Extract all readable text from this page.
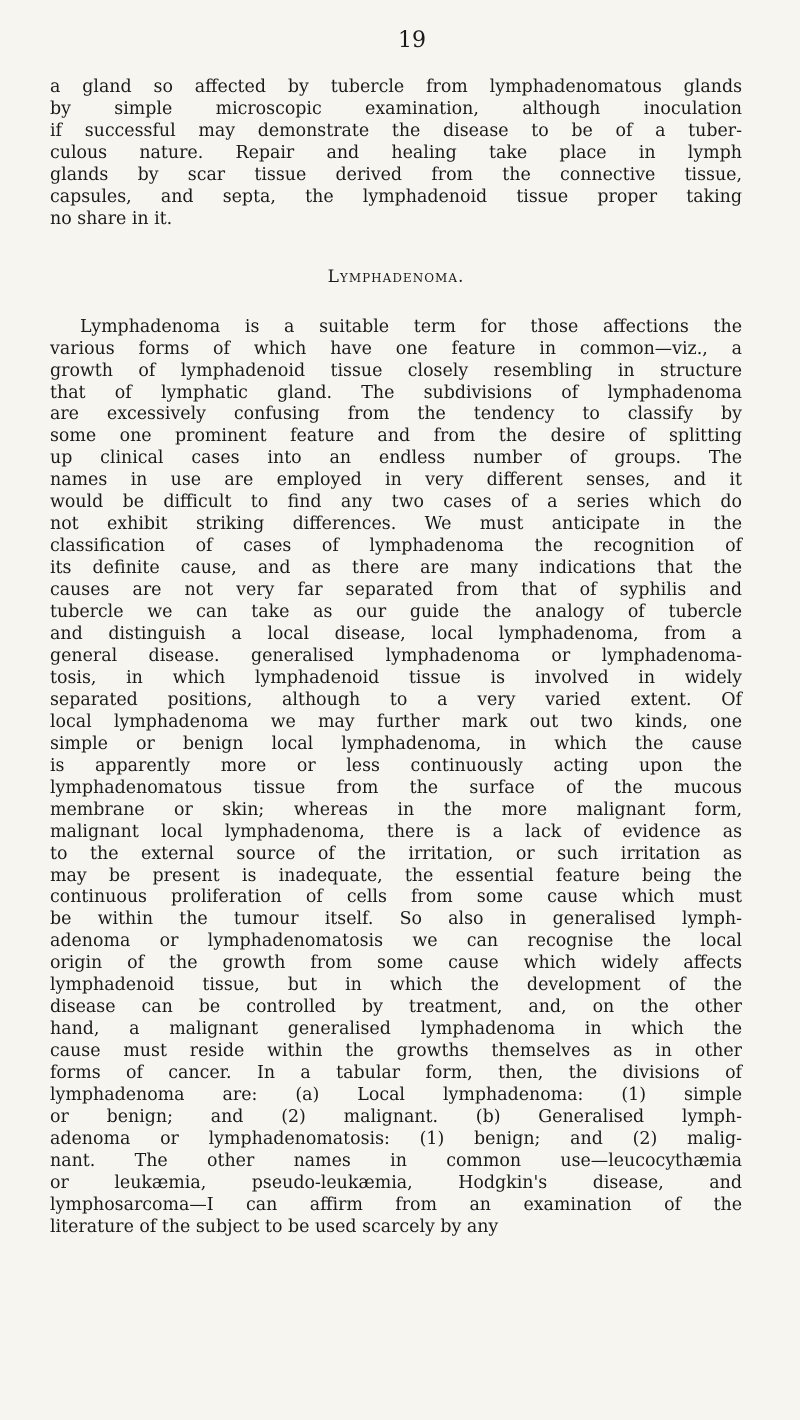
19
a gland so affected by tubercle from lymphadenomatous glands
by simple microscopic examination, although inoculation
if successful may demonstrate the disease to be of a tuber-
culous nature. Repair and healing take place in lymph
glands by scar tissue derived from the connective tissue,
capsules, and septa, the lymphadenoid tissue proper taking
no share in it.
Lymphadenoma.
Lymphadenoma is a suitable term for those affections the
various forms of which have one feature in common—viz., a
growth of lymphadenoid tissue closely resembling in structure
that of lymphatic gland. The subdivisions of lymphadenoma
are excessively confusing from the tendency to classify by
some one prominent feature and from the desire of splitting
up clinical cases into an endless number of groups. The
names in use are employed in very different senses, and it
would be difficult to find any two cases of a series which do
not exhibit striking differences. We must anticipate in the
classification of cases of lymphadenoma the recognition of
its definite cause, and as there are many indications that the
causes are not very far separated from that of syphilis and
tubercle we can take as our guide the analogy of tubercle
and distinguish a local disease, local lymphadenoma, from a
general disease. generalised lymphadenoma or lymphadenoma-
tosis, in which lymphadenoid tissue is involved in widely
separated positions, although to a very varied extent. Of
local lymphadenoma we may further mark out two kinds, one
simple or benign local lymphadenoma, in which the cause
is apparently more or less continuously acting upon the
lymphadenomatous tissue from the surface of the mucous
membrane or skin; whereas in the more malignant form,
malignant local lymphadenoma, there is a lack of evidence as
to the external source of the irritation, or such irritation as
may be present is inadequate, the essential feature being the
continuous proliferation of cells from some cause which must
be within the tumour itself. So also in generalised lymph-
adenoma or lymphadenomatosis we can recognise the local
origin of the growth from some cause which widely affects
lymphadenoid tissue, but in which the development of the
disease can be controlled by treatment, and, on the other
hand, a malignant generalised lymphadenoma in which the
cause must reside within the growths themselves as in other
forms of cancer. In a tabular form, then, the divisions of
lymphadenoma are: (a) Local lymphadenoma: (1) simple
or benign; and (2) malignant. (b) Generalised lymph-
adenoma or lymphadenomatosis: (1) benign; and (2) malig-
nant. The other names in common use—leucocythæmia
or leukæmia, pseudo-leukæmia, Hodgkin's disease, and
lymphosarcoma—I can affirm from an examination of the
literature of the subject to be used scarcely by any
